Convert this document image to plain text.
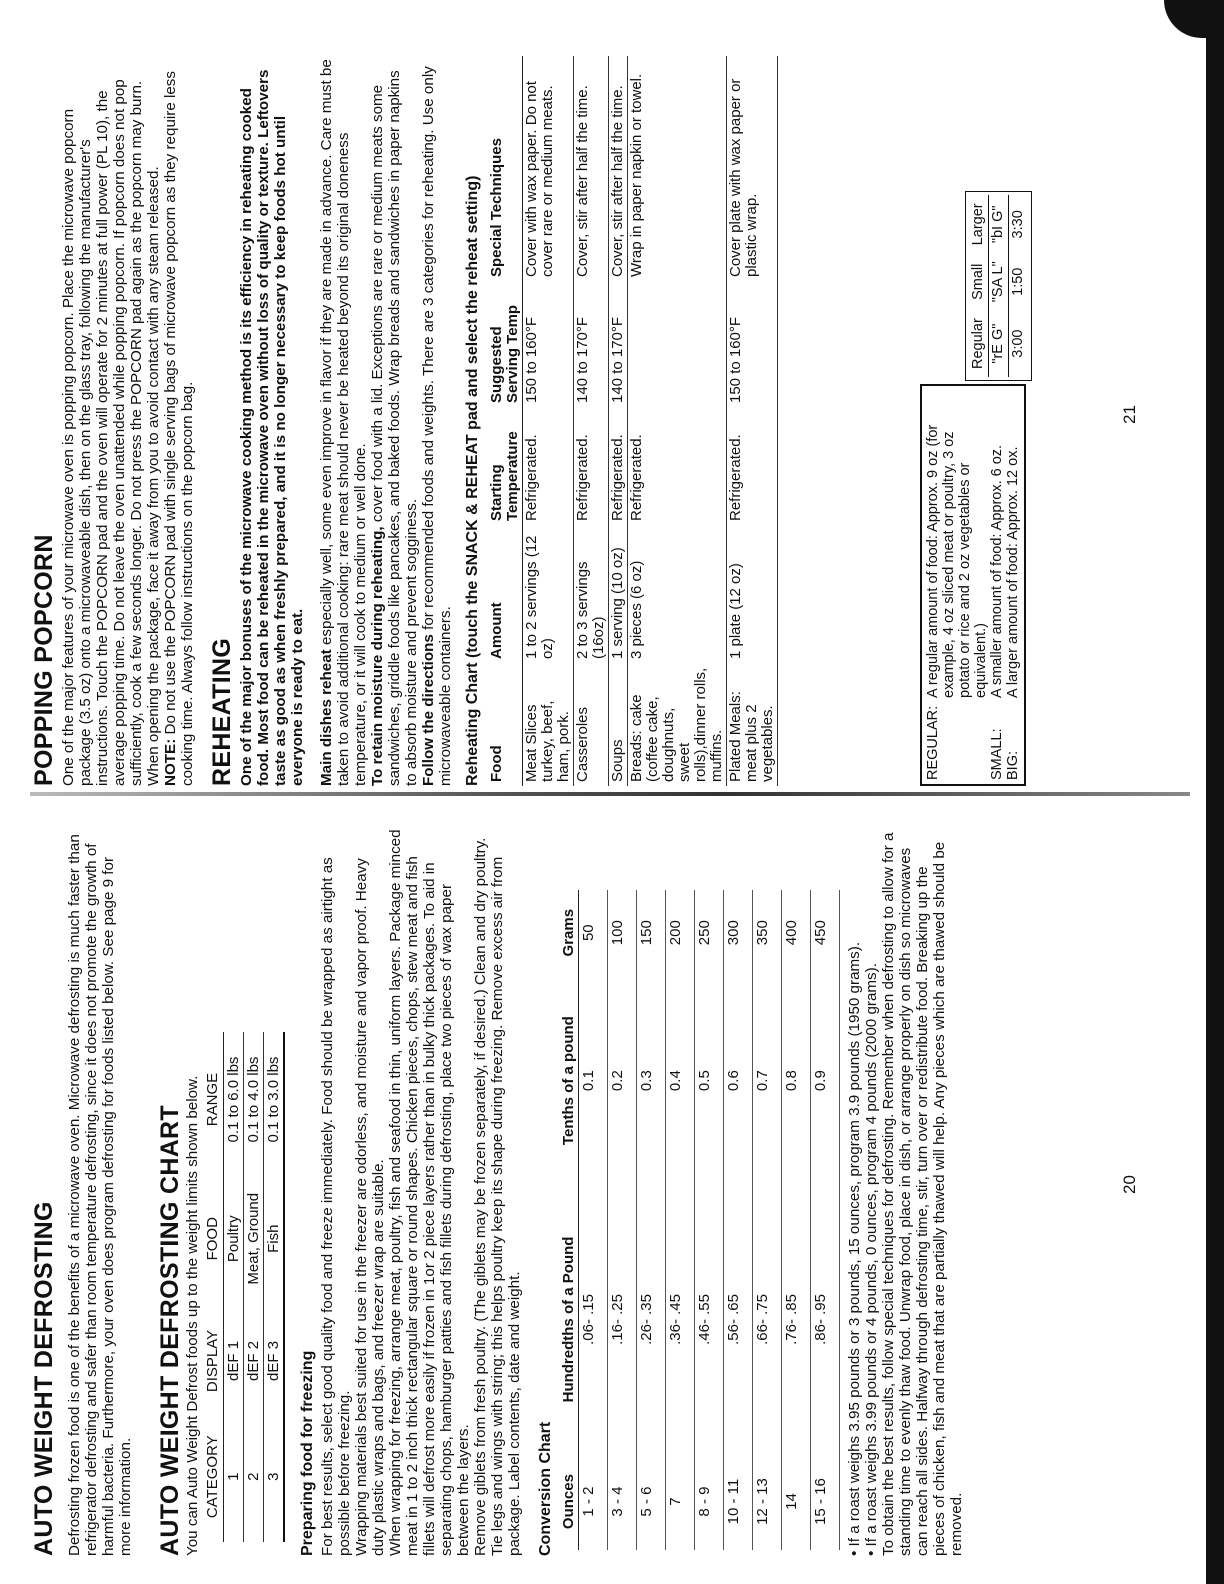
AUTO WEIGHT DEFROSTING Defrosting frozen food is one of the benefits of a microwave oven. Microwave defrosting is much faster than refrigerator defrosting and safer than room temperature defrosting, since it does not promote the growth of harmful bacteria. Furthermore, your oven does program defrosting for foods listed below. See page 9 for more information. AUTO WEIGHT DEFROSTING CHART You can Auto Weight Defrost foods up to the weight limits shown below. CATEGORY	DISPLAY	FOOD	RANGE
1	dEF 1	Poultry	0.1 to 6.0 lbs
2	dEF 2	Meat, Ground	0.1 to 4.0 lbs
3	dEF 3	Fish	0.1 to 3.0 lbs
Preparing food for freezing For best results, select good quality food and freeze immediately. Food should be wrapped as airtight as possible before freezing. Wrapping materials best suited for use in the freezer are odorless, and moisture and vapor proof. Heavy duty plastic wraps and bags, and freezer wrap are suitable. When wrapping for freezing, arrange meat, poultry, fish and seafood in thin, uniform layers. Package minced meat in 1 to 2 inch thick rectangular square or round shapes. Chicken pieces, chops, stew meat and fish fillets will defrost more easily if frozen in 1or 2 piece layers rather than in bulky thick packages. To aid in separating chops, hamburger patties and fish fillets during defrosting, place two pieces of wax paper between the layers. Remove giblets from fresh poultry. (The giblets may be frozen separately, if desired.) Clean and dry poultry. Tie legs and wings with string; this helps poultry keep its shape during freezing. Remove excess air from package. Label contents, date and weight. Conversion Chart Ounces	Hundredths of a Pound	Tenths of a pound	Grams
1 - 2	.06- .15	0.1	50
3 - 4	.16- .25	0.2	100
5 - 6	.26- .35	0.3	150
7	.36- .45	0.4	200
8 - 9	.46- .55	0.5	250
10 - 11	.56- .65	0.6	300
12 - 13	.66- .75	0.7	350
14	.76- .85	0.8	400
15 - 16	.86- .95	0.9	450

• If a roast weighs 3.95 pounds or 3 pounds, 15 ounces, program 3.9 pounds (1950 grams). • If a roast weighs 3.99 pounds or 4 pounds, 0 ounces, program 4 pounds (2000 grams). To obtain the best results, follow special techniques for defrosting. Remember when defrosting to allow for a standing time to evenly thaw food. Unwrap food, place in dish, or arrange properly on dish so microwaves can reach all sides. Halfway through defrosting time, stir, turn over or redistribute food. Breaking up the pieces of chicken, fish and meat that are partially thawed will help. Any pieces which are thawed should be removed.

20
POPPING POPCORN One of the major features of your microwave oven is popping popcorn. Place the microwave popcorn package (3.5 oz) onto a microwaveable dish, then on the glass tray, following the manufacturer's instructions. Touch the POPCORN pad and the oven will operate for 2 minutes at full power (PL 10), the average popping time. Do not leave the oven unattended while popping popcorn. If popcorn does not pop sufficiently, cook a few seconds longer. Do not press the POPCORN pad again as the popcorn may burn. When opening the package, face it away from you to avoid contact with any steam released. NOTE: Do not use the POPCORN pad with single serving bags of microwave popcorn as they require less cooking time. Always follow instructions on the popcorn bag. REHEATING One of the major bonuses of the microwave cooking method is its efficiency in reheating cooked food. Most food can be reheated in the microwave oven without loss of quality or texture. Leftovers taste as good as when freshly prepared, and it is no longer necessary to keep foods hot until everyone is ready to eat. Main dishes reheat especially well, some even improve in flavor if they are made in advance. Care must be taken to avoid additional cooking: rare meat should never be heated beyond its original doneness temperature, or it will cook to medium or well done. To retain moisture during reheating, cover food with a lid. Exceptions are rare or medium meats some sandwiches, griddle foods like pancakes, and baked foods. Wrap breads and sandwiches in paper napkins to absorb moisture and prevent sogginess. Follow the directions for recommended foods and weights. There are 3 categories for reheating. Use only microwaveable containers. Reheating Chart (touch the SNACK & REHEAT pad and select the reheat setting) Food	Amount	Starting Temperature	Suggested Serving Temp	Special Techniques
Meat Slices turkey, beef, ham, pork.	1 to 2 servings (12 oz)	Refrigerated.	150 to 160°F	Cover with wax paper. Do not cover rare or medium meats.
Casseroles	2 to 3 servings (16oz)	Refrigerated.	140 to 170°F	Cover, stir after half the time.
Soups	1 serving (10 oz)	Refrigerated.	140 to 170°F	Cover, stir after half the time.
Breads: cake (coffee cake, doughnuts, sweet rolls),dinner rolls, muffins.	3 pieces (6 oz)	Refrigerated.		Wrap in paper napkin or towel.
Plated Meals: meat plus 2 vegetables.	1 plate (12 oz)	Refrigerated.	150 to 160°F	Cover plate with wax paper or plastic wrap.
REGULAR:
A regular amount of food: Approx. 9 oz (for example, 4 oz sliced meat or poultry, 3 oz potato or rice and 2 oz vegetables or equivalent.)
SMALL:
A smaller amount of food: Approx. 6 oz.
BIG:
A larger amount of food: Approx. 12 ox.
Regular	Small	Larger
"rE G"	"SA L"	"bI G"
3:00	1:50	3:30
21
